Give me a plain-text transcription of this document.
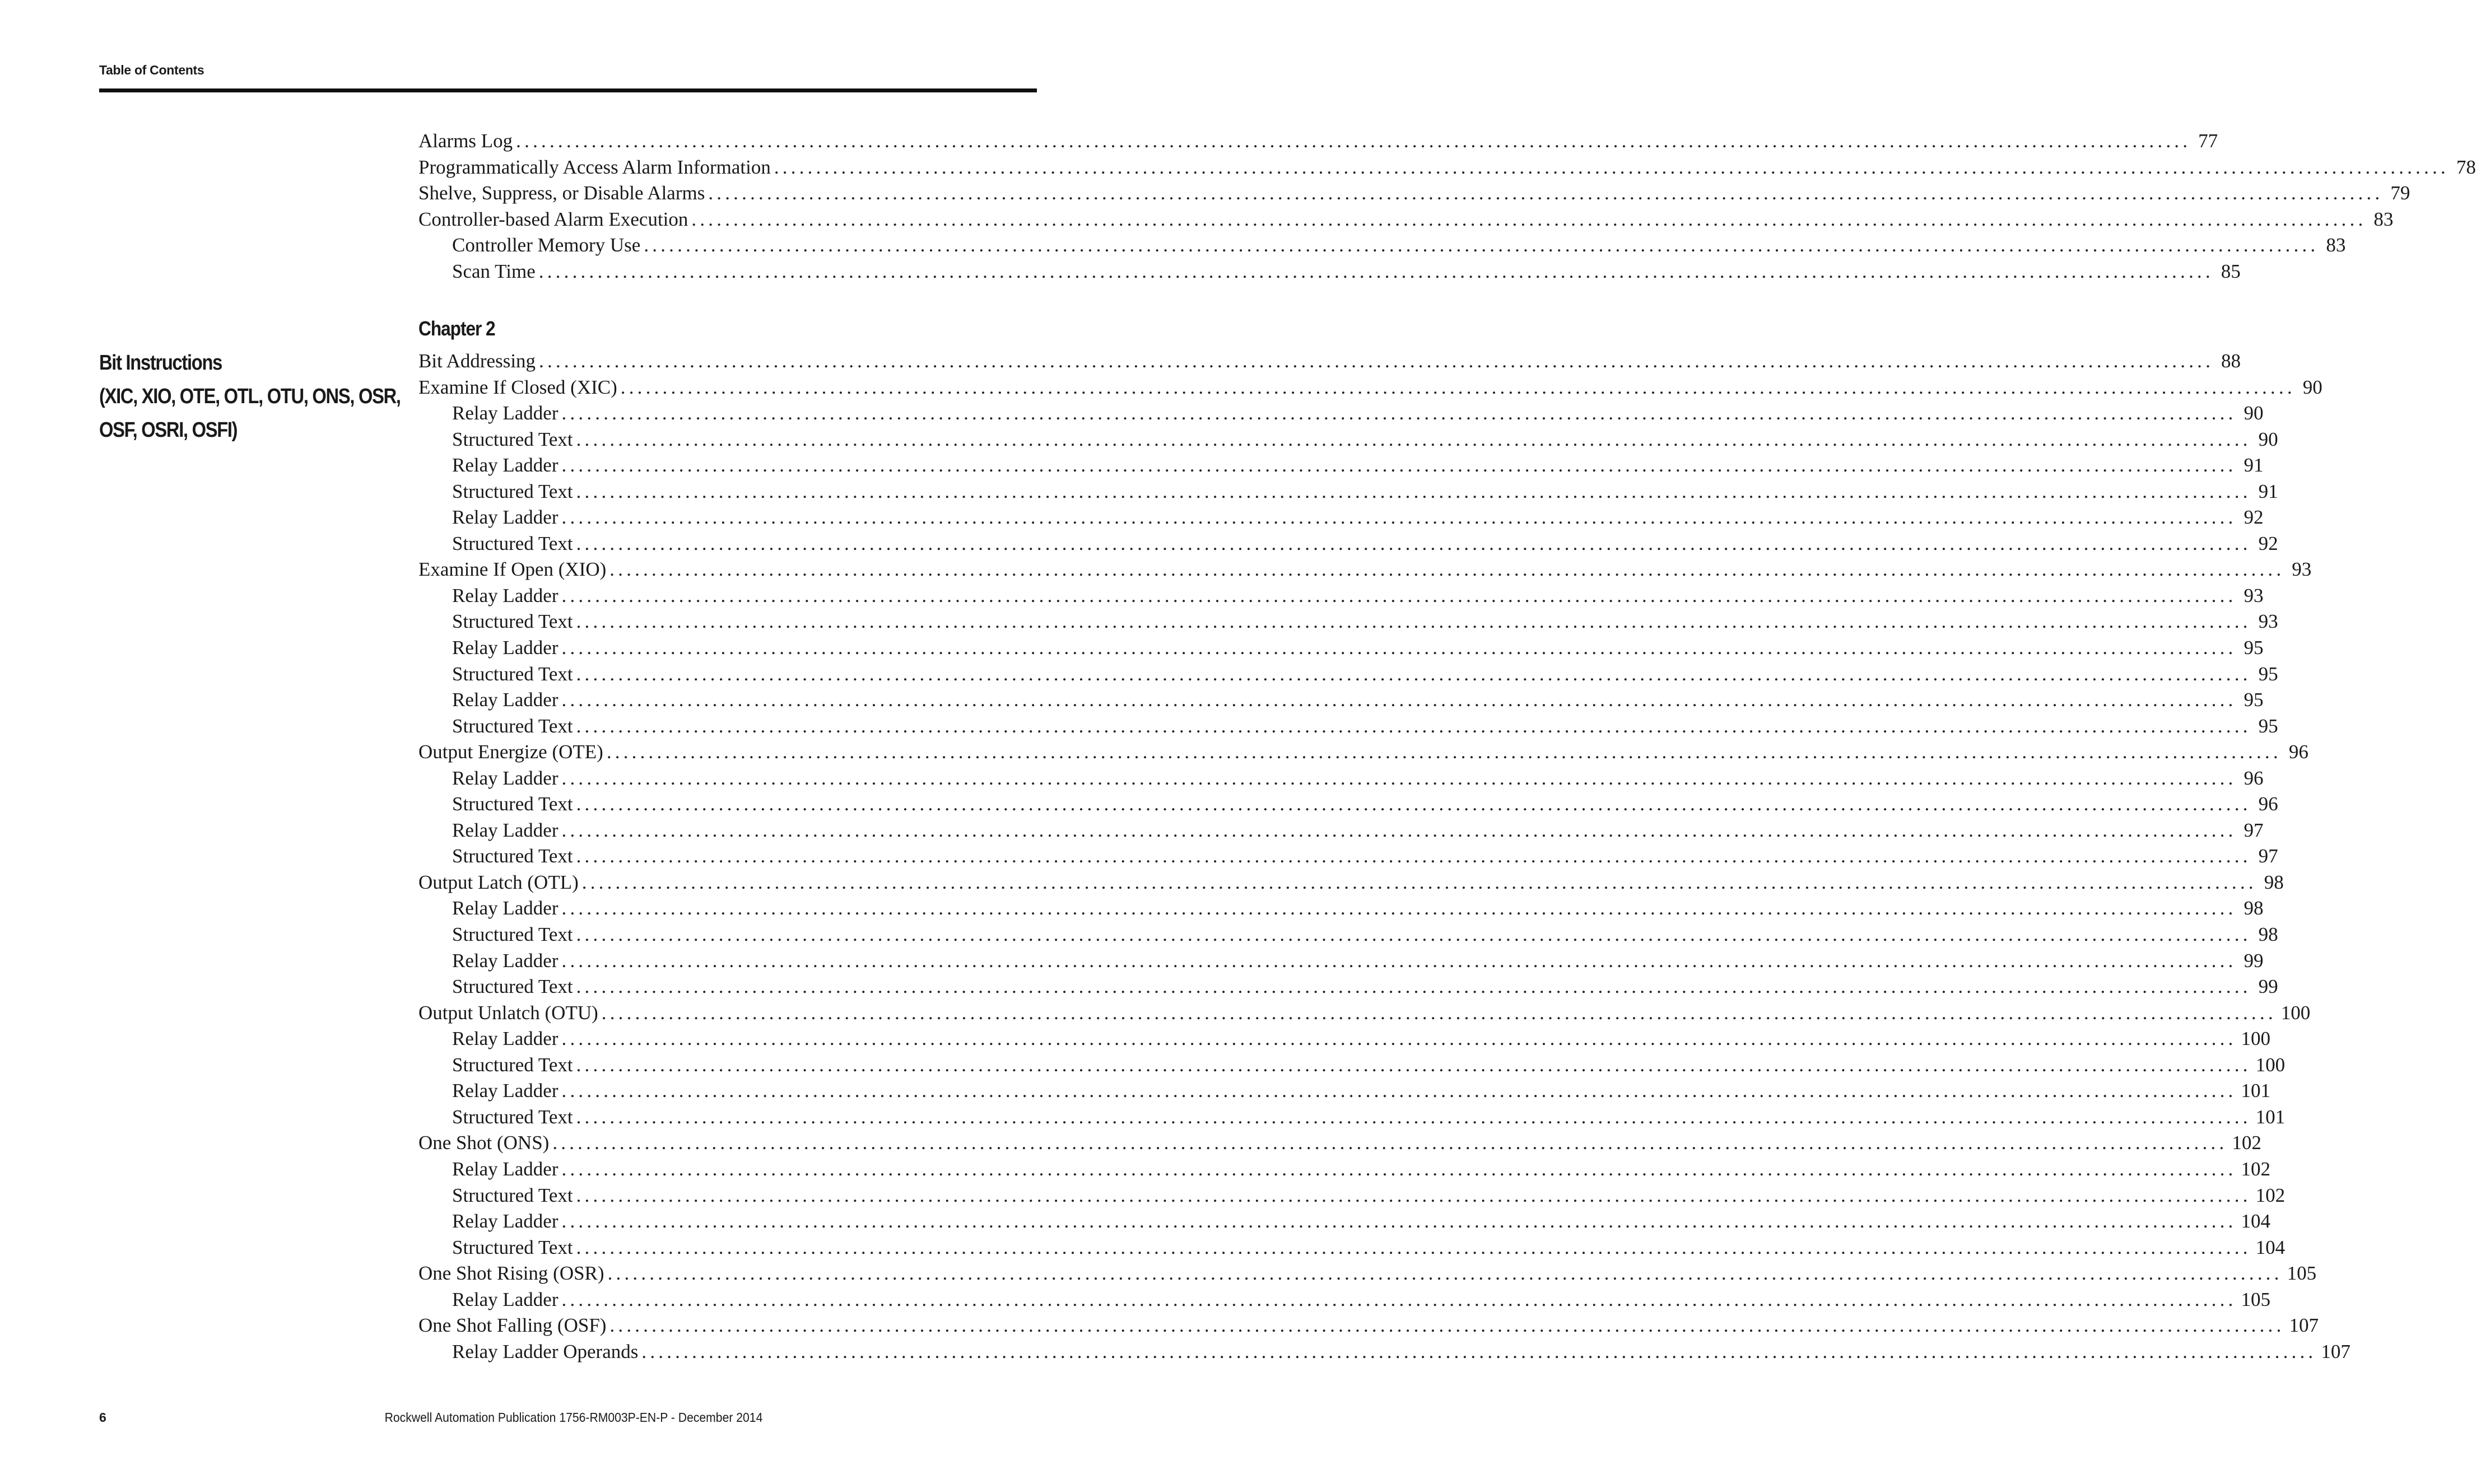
Table of Contents
Alarms Log ........................................................................................................................................................................................................ 77
Programmatically Access Alarm Information ........................................................................................................................................................................................................ 78
Shelve, Suppress, or Disable Alarms ........................................................................................................................................................................................................ 79
Controller-based Alarm Execution ........................................................................................................................................................................................................ 83
Controller Memory Use ........................................................................................................................................................................................................ 83
Scan Time ........................................................................................................................................................................................................ 85
Chapter 2
Bit Instructions
(XIC, XIO, OTE, OTL, OTU, ONS, OSR,
OSF, OSRI, OSFI)
Bit Addressing ........................................................................................................................................................................................................ 88
Examine If Closed (XIC) ........................................................................................................................................................................................................ 90
Relay Ladder ........................................................................................................................................................................................................ 90
Structured Text ........................................................................................................................................................................................................ 90
Relay Ladder ........................................................................................................................................................................................................ 91
Structured Text ........................................................................................................................................................................................................ 91
Relay Ladder ........................................................................................................................................................................................................ 92
Structured Text ........................................................................................................................................................................................................ 92
Examine If Open (XIO) ........................................................................................................................................................................................................ 93
Relay Ladder ........................................................................................................................................................................................................ 93
Structured Text ........................................................................................................................................................................................................ 93
Relay Ladder ........................................................................................................................................................................................................ 95
Structured Text ........................................................................................................................................................................................................ 95
Relay Ladder ........................................................................................................................................................................................................ 95
Structured Text ........................................................................................................................................................................................................ 95
Output Energize (OTE) ........................................................................................................................................................................................................ 96
Relay Ladder ........................................................................................................................................................................................................ 96
Structured Text ........................................................................................................................................................................................................ 96
Relay Ladder ........................................................................................................................................................................................................ 97
Structured Text ........................................................................................................................................................................................................ 97
Output Latch (OTL) ........................................................................................................................................................................................................ 98
Relay Ladder ........................................................................................................................................................................................................ 98
Structured Text ........................................................................................................................................................................................................ 98
Relay Ladder ........................................................................................................................................................................................................ 99
Structured Text ........................................................................................................................................................................................................ 99
Output Unlatch (OTU) ........................................................................................................................................................................................................ 100
Relay Ladder ........................................................................................................................................................................................................ 100
Structured Text ........................................................................................................................................................................................................ 100
Relay Ladder ........................................................................................................................................................................................................ 101
Structured Text ........................................................................................................................................................................................................ 101
One Shot (ONS) ........................................................................................................................................................................................................ 102
Relay Ladder ........................................................................................................................................................................................................ 102
Structured Text ........................................................................................................................................................................................................ 102
Relay Ladder ........................................................................................................................................................................................................ 104
Structured Text ........................................................................................................................................................................................................ 104
One Shot Rising (OSR) ........................................................................................................................................................................................................ 105
Relay Ladder ........................................................................................................................................................................................................ 105
One Shot Falling (OSF) ........................................................................................................................................................................................................ 107
Relay Ladder Operands ........................................................................................................................................................................................................ 107
6	Rockwell Automation Publication 1756-RM003P-EN-P - December 2014
